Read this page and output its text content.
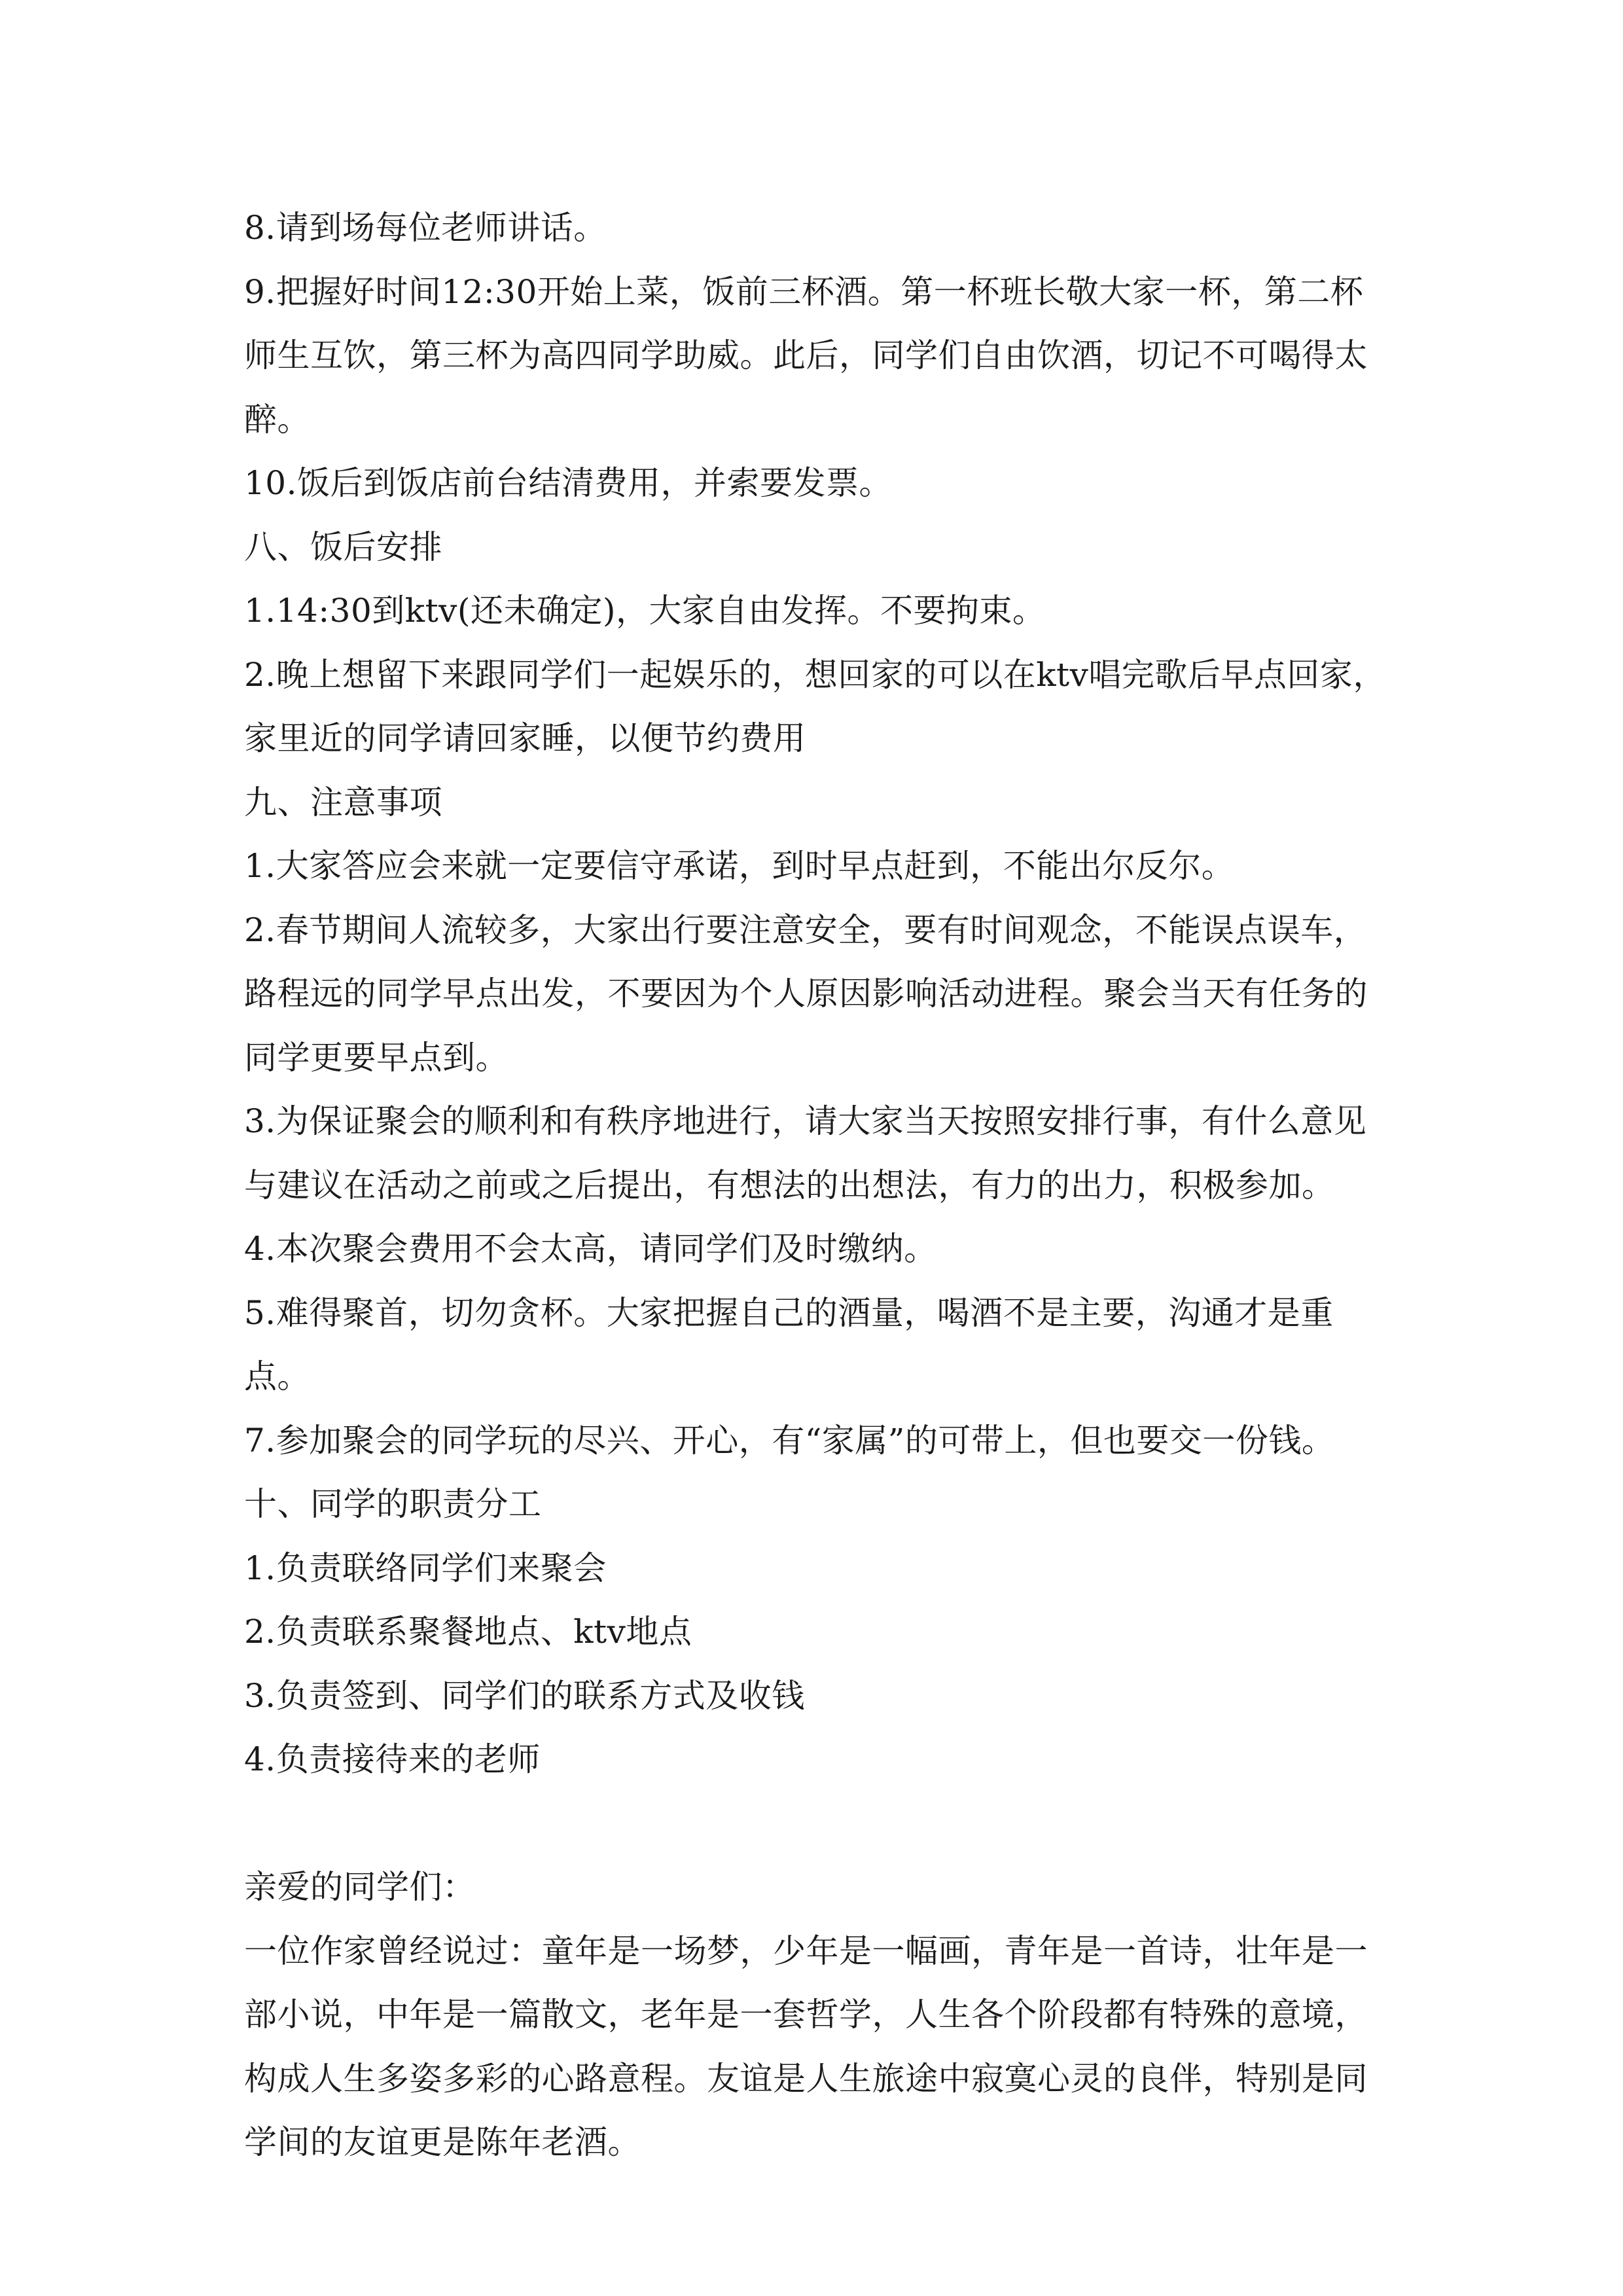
8.请到场每位老师讲话。

9.把握好时间12:30开始上菜，饭前三杯酒。第一杯班长敬大家一杯，第二杯师生互饮，第三杯为高四同学助威。此后，同学们自由饮酒，切记不可喝得太醉。

10.饭后到饭店前台结清费用，并索要发票。

八、饭后安排

1.14:30到ktv(还未确定)，大家自由发挥。不要拘束。

2.晚上想留下来跟同学们一起娱乐的，想回家的可以在ktv唱完歌后早点回家，家里近的同学请回家睡，以便节约费用

九、注意事项

1.大家答应会来就一定要信守承诺，到时早点赶到，不能出尔反尔。

2.春节期间人流较多，大家出行要注意安全，要有时间观念，不能误点误车，路程远的同学早点出发，不要因为个人原因影响活动进程。聚会当天有任务的同学更要早点到。

3.为保证聚会的顺利和有秩序地进行，请大家当天按照安排行事，有什么意见与建议在活动之前或之后提出，有想法的出想法，有力的出力，积极参加。

4.本次聚会费用不会太高，请同学们及时缴纳。

5.难得聚首，切勿贪杯。大家把握自己的酒量，喝酒不是主要，沟通才是重点。

7.参加聚会的同学玩的尽兴、开心，有“家属”的可带上，但也要交一份钱。

十、同学的职责分工

1.负责联络同学们来聚会

2.负责联系聚餐地点、ktv地点

3.负责签到、同学们的联系方式及收钱

4.负责接待来的老师

亲爱的同学们：

一位作家曾经说过：童年是一场梦，少年是一幅画，青年是一首诗，壮年是一部小说，中年是一篇散文，老年是一套哲学，人生各个阶段都有特殊的意境，构成人生多姿多彩的心路意程。友谊是人生旅途中寂寞心灵的良伴，特别是同学间的友谊更是陈年老酒。
